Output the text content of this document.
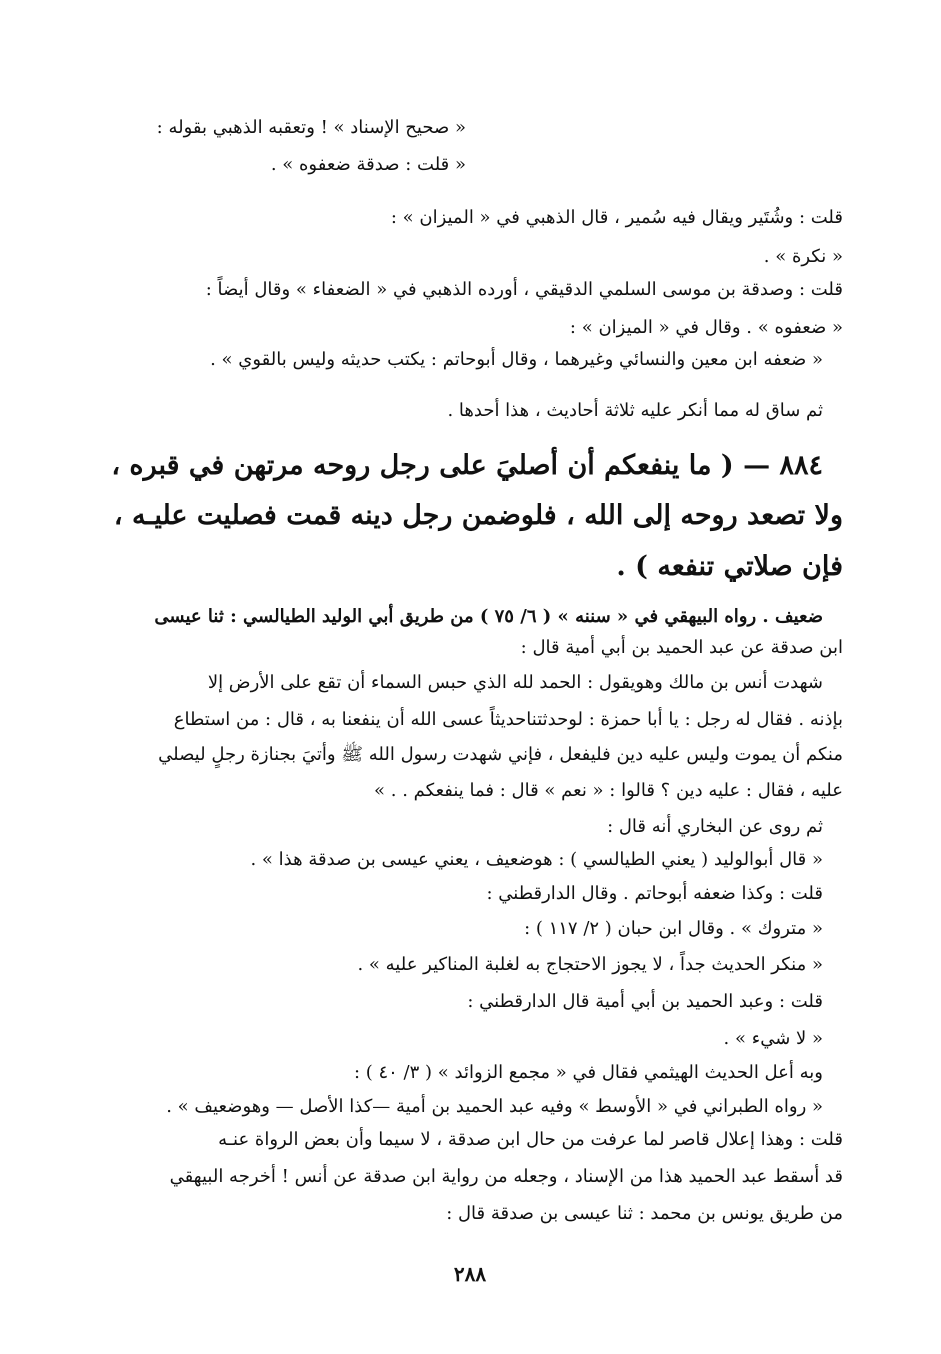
« صحيح الإسناد » ! وتعقبه الذهبي بقوله :
« قلت : صدقة ضعفوه » .
قلت : وشُتَير ويقال فيه سُمير ، قال الذهبي في « الميزان » :
« نكرة » .
قلت : وصدقة بن موسى السلمي الدقيقي ، أورده الذهبي في « الضعفاء » وقال أيضاً :
« ضعفوه » . وقال في « الميزان » :
« ضعفه ابن معين والنسائي وغيرهما ، وقال أبوحاتم : يكتب حديثه وليس بالقوي » .
ثم ساق له مما أنكر عليه ثلاثة أحاديث ، هذا أحدها .
٨٨٤ — ( ما ينفعكم أن أصليَ على رجل روحه مرتهن في قبره ،
ولا تصعد روحه إلى الله ، فلوضمن رجل دينه قمت فصليت عليـه ،
فإن صلاتي تنفعه ) .
ضعيف . رواه البيهقي في « سننه » ( ٦/ ٧٥ ) من طريق أبي الوليد الطيالسي : ثنا عيسى
ابن صدقة عن عبد الحميد بن أبي أمية قال :
شهدت أنس بن مالك وهويقول : الحمد لله الذي حبس السماء أن تقع على الأرض إلا
بإذنه . فقال له رجل : يا أبا حمزة : لوحدثتناحديثاً عسى الله أن ينفعنا به ، قال : من استطاع
منكم أن يموت وليس عليه دين فليفعل ، فإني شهدت رسول الله ﷺ وأتيَ بجنازة رجلٍ ليصلي
عليه ، فقال : عليه دين ؟ قالوا : « نعم » قال : فما ينفعكم . . »
ثم روى عن البخاري أنه قال :
« قال أبوالوليد ( يعني الطيالسي ) : هوضعيف ، يعني عيسى بن صدقة هذا » .
قلت : وكذا ضعفه أبوحاتم . وقال الدارقطني :
« متروك » . وقال ابن حبان ( ٢/ ١١٧ ) :
« منكر الحديث جداً ، لا يجوز الاحتجاج به لغلبة المناكير عليه » .
قلت : وعبد الحميد بن أبي أمية قال الدارقطني :
« لا شيء » .
وبه أعل الحديث الهيثمي فقال في « مجمع الزوائد » ( ٣/ ٤٠ ) :
« رواه الطبراني في « الأوسط » وفيه عبد الحميد بن أمية —كذا الأصل — وهوضعيف » .
قلت : وهذا إعلال قاصر لما عرفت من حال ابن صدقة ، لا سيما وأن بعض الرواة عنـه
قد أسقط عبد الحميد هذا من الإسناد ، وجعله من رواية ابن صدقة عن أنس ! أخرجه البيهقي
من طريق يونس بن محمد : ثنا عيسى بن صدقة قال :
٢٨٨
